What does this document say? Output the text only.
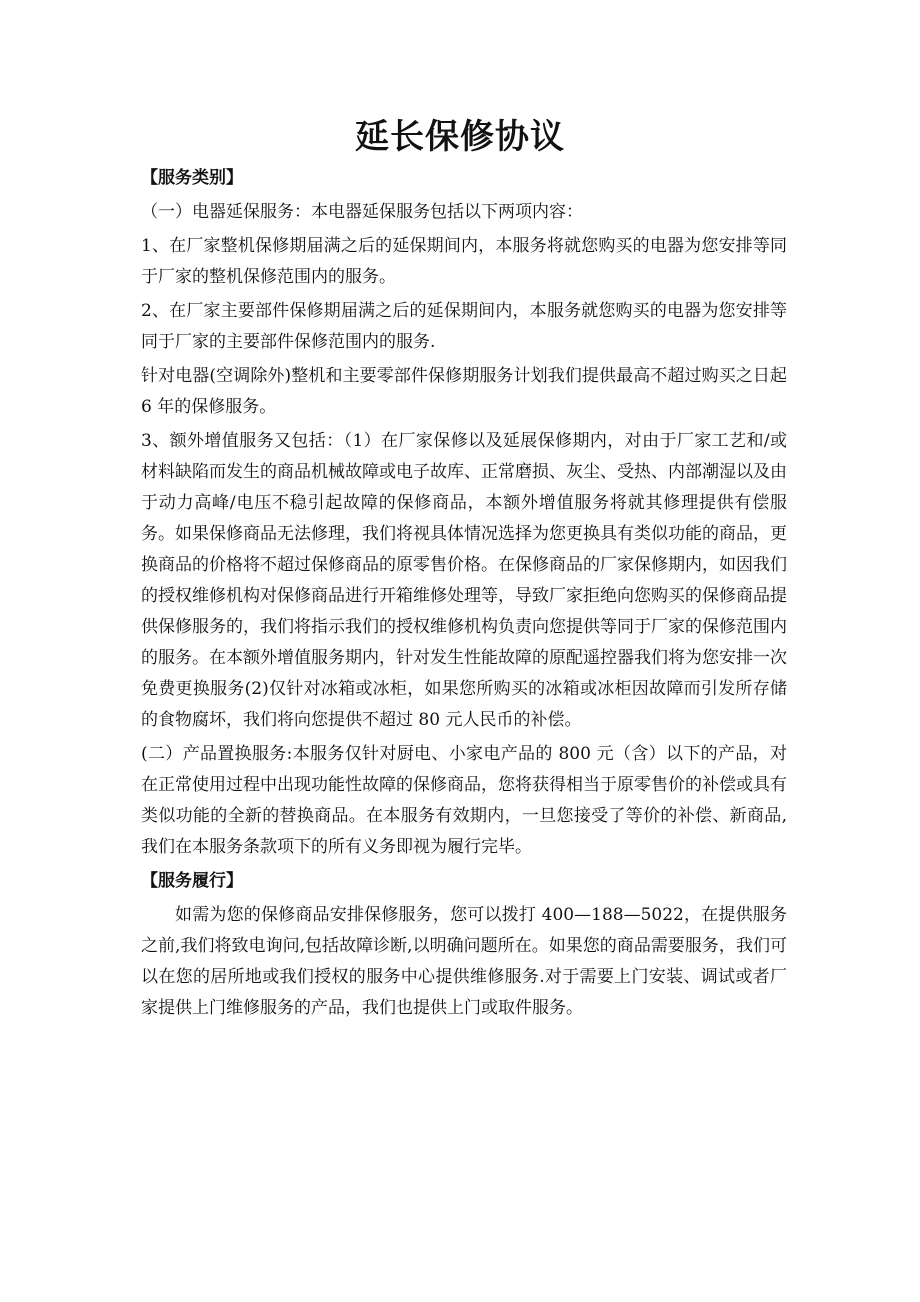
延长保修协议
【服务类别】

（一）电器延保服务：本电器延保服务包括以下两项内容：

1、在厂家整机保修期届满之后的延保期间内，本服务将就您购买的电器为您安排等同于厂家的整机保修范围内的服务。

2、在厂家主要部件保修期届满之后的延保期间内，本服务就您购买的电器为您安排等同于厂家的主要部件保修范围内的服务.

针对电器(空调除外)整机和主要零部件保修期服务计划我们提供最高不超过购买之日起 6 年的保修服务。

3、额外增值服务又包括：（1）在厂家保修以及延展保修期内，对由于厂家工艺和/或材料缺陷而发生的商品机械故障或电子故库、正常磨损、灰尘、受热、内部潮湿以及由于动力高峰/电压不稳引起故障的保修商品，本额外增值服务将就其修理提供有偿服务。如果保修商品无法修理，我们将视具体情况选择为您更换具有类似功能的商品，更换商品的价格将不超过保修商品的原零售价格。在保修商品的厂家保修期内，如因我们的授权维修机构对保修商品进行开箱维修处理等，导致厂家拒绝向您购买的保修商品提供保修服务的，我们将指示我们的授权维修机构负责向您提供等同于厂家的保修范围内的服务。在本额外增值服务期内，针对发生性能故障的原配遥控器我们将为您安排一次免费更换服务(2)仅针对冰箱或冰柜，如果您所购买的冰箱或冰柜因故障而引发所存储的食物腐坏，我们将向您提供不超过 80 元人民币的补偿。

(二）产品置换服务:本服务仅针对厨电、小家电产品的 800 元（含）以下的产品，对在正常使用过程中出现功能性故障的保修商品，您将获得相当于原零售价的补偿或具有类似功能的全新的替换商品。在本服务有效期内，一旦您接受了等价的补偿、新商品,我们在本服务条款项下的所有义务即视为履行完毕。

【服务履行】

如需为您的保修商品安排保修服务，您可以拨打 400—188—5022，在提供服务之前,我们将致电询问,包括故障诊断,以明确问题所在。如果您的商品需要服务，我们可以在您的居所地或我们授权的服务中心提供维修服务.对于需要上门安装、调试或者厂家提供上门维修服务的产品，我们也提供上门或取件服务。
